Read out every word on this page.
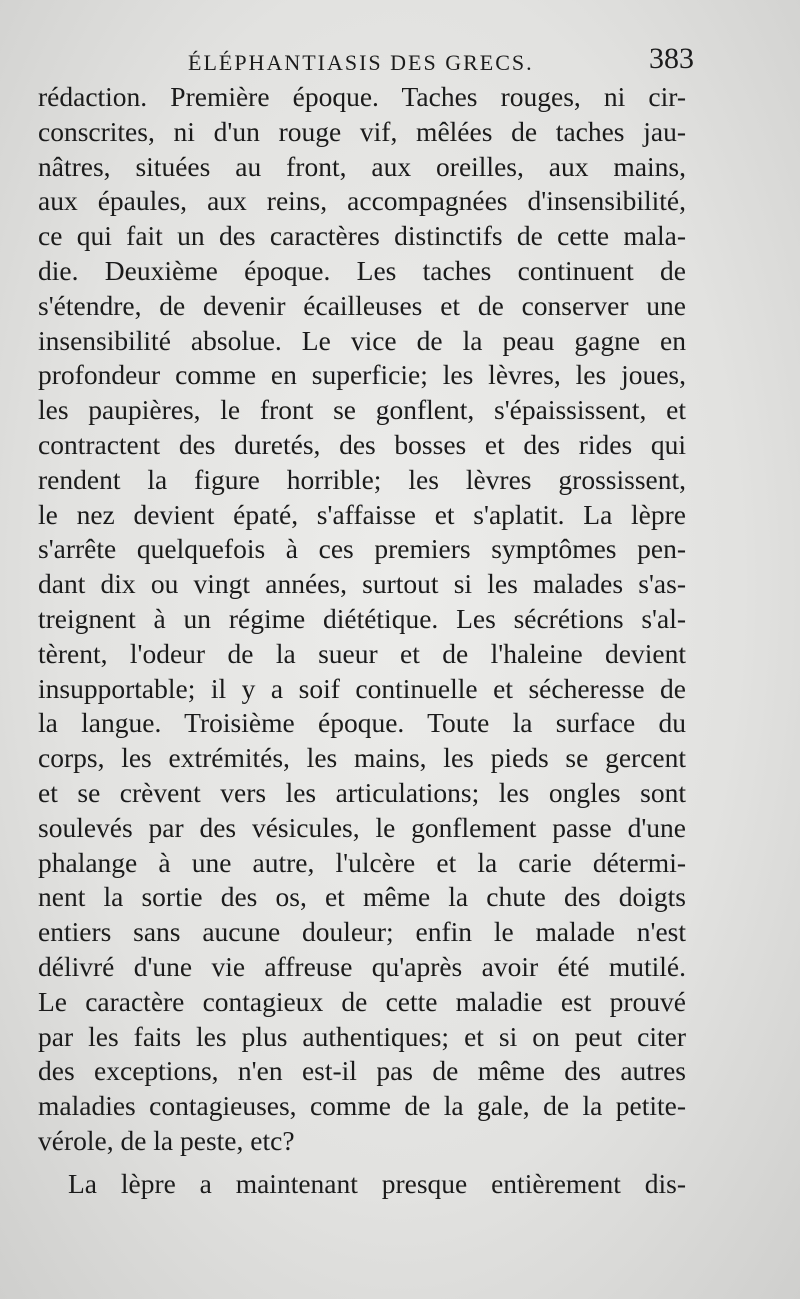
ÉLÉPHANTIASIS DES GRECS.	383
rédaction. Première époque. Taches rouges, ni cir-
conscrites, ni d'un rouge vif, mêlées de taches jau-
nâtres, situées au front, aux oreilles, aux mains,
aux épaules, aux reins, accompagnées d'insensibilité,
ce qui fait un des caractères distinctifs de cette mala-
die. Deuxième époque. Les taches continuent de
s'étendre, de devenir écailleuses et de conserver une
insensibilité absolue. Le vice de la peau gagne en
profondeur comme en superficie; les lèvres, les joues,
les paupières, le front se gonflent, s'épaississent, et
contractent des duretés, des bosses et des rides qui
rendent la figure horrible; les lèvres grossissent,
le nez devient épaté, s'affaisse et s'aplatit. La lèpre
s'arrête quelquefois à ces premiers symptômes pen-
dant dix ou vingt années, surtout si les malades s'as-
treignent à un régime diététique. Les sécrétions s'al-
tèrent, l'odeur de la sueur et de l'haleine devient
insupportable; il y a soif continuelle et sécheresse de
la langue. Troisième époque. Toute la surface du
corps, les extrémités, les mains, les pieds se gercent
et se crèvent vers les articulations; les ongles sont
soulevés par des vésicules, le gonflement passe d'une
phalange à une autre, l'ulcère et la carie détermi-
nent la sortie des os, et même la chute des doigts
entiers sans aucune douleur; enfin le malade n'est
délivré d'une vie affreuse qu'après avoir été mutilé.
Le caractère contagieux de cette maladie est prouvé
par les faits les plus authentiques; et si on peut citer
des exceptions, n'en est-il pas de même des autres
maladies contagieuses, comme de la gale, de la petite-
vérole, de la peste, etc?
La lèpre a maintenant presque entièrement dis-
